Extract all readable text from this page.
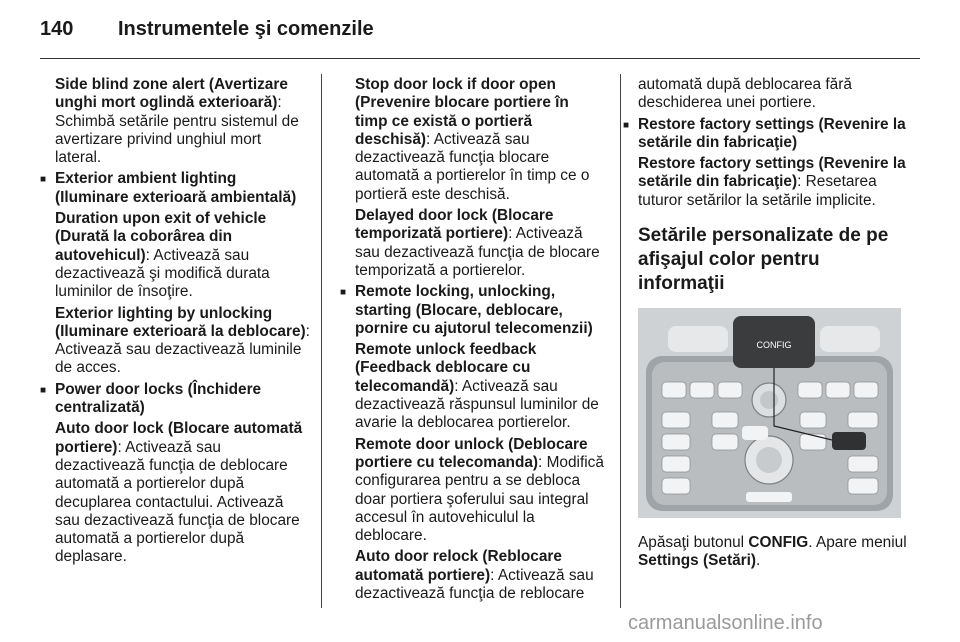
140 Instrumentele şi comenzile

Side blind zone alert (Avertizare unghi mort oglindă exterioară): Schimbă setările pentru sistemul de avertizare privind unghiul mort lateral.

■ Exterior ambient lighting (Iluminare exterioară ambientală)

Duration upon exit of vehicle (Durată la coborârea din autovehicul): Activează sau dezactivează şi modifică durata luminilor de însoţire.

Exterior lighting by unlocking (Iluminare exterioară la deblocare): Activează sau dezactivează luminile de acces.

■ Power door locks (Închidere centralizată)

Auto door lock (Blocare automată portiere): Activează sau dezactivează funcţia de deblocare automată a portierelor după decuplarea contactului. Activează sau dezactivează funcţia de blocare automată a portierelor după deplasare.

Stop door lock if door open (Prevenire blocare portiere în timp ce există o portieră deschisă): Activează sau dezactivează funcţia blocare automată a portierelor în timp ce o portieră este deschisă.

Delayed door lock (Blocare temporizată portiere): Activează sau dezactivează funcţia de blocare temporizată a portierelor.

■ Remote locking, unlocking, starting (Blocare, deblocare, pornire cu ajutorul telecomenzii)

Remote unlock feedback (Feedback deblocare cu telecomandă): Activează sau dezactivează răspunsul luminilor de avarie la deblocarea portierelor.

Remote door unlock (Deblocare portiere cu telecomanda): Modifică configurarea pentru a se debloca doar portiera şoferului sau integral accesul în autovehiculul la deblocare.

Auto door relock (Reblocare automată portiere): Activează sau dezactivează funcţia de reblocare

automată după deblocarea fără deschiderea unei portiere.

■ Restore factory settings (Revenire la setările din fabricaţie)

Restore factory settings (Revenire la setările din fabricaţie): Resetarea tuturor setărilor la setările implicite.

Setările personalizate de pe afişajul color pentru informaţii
CONFIG

Apăsaţi butonul CONFIG. Apare meniul Settings (Setări).

carmanualsonline.info
